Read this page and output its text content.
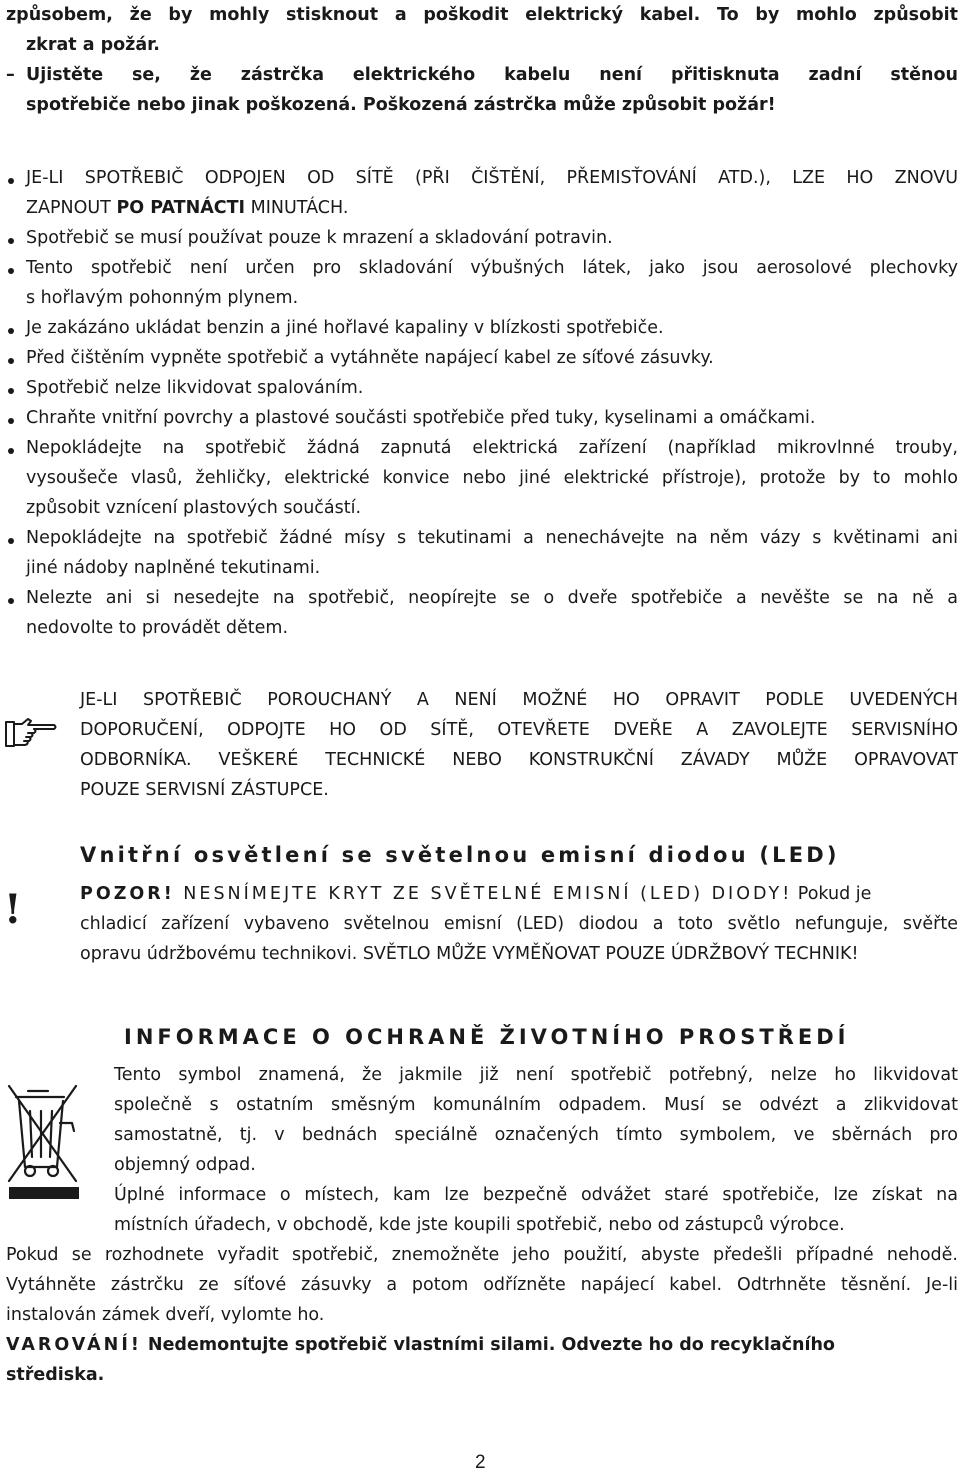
způsobem, že by mohly stisknout a poškodit elektrický kabel. To by mohlo způsobit
zkrat a požár.
– Ujistěte se, že zástrčka elektrického kabelu není přitisknuta zadní stěnou
spotřebiče nebo jinak poškozená. Poškozená zástrčka může způsobit požár!
JE-LI SPOTŘEBIČ ODPOJEN OD SÍTĚ (PŘI ČIŠTĚNÍ, PŘEMISŤOVÁNÍ ATD.), LZE HO ZNOVU
ZAPNOUT PO PATNÁCTI MINUTÁCH.
Spotřebič se musí používat pouze k mrazení a skladování potravin.
Tento spotřebič není určen pro skladování výbušných látek, jako jsou aerosolové plechovky
s hořlavým pohonným plynem.
Je zakázáno ukládat benzin a jiné hořlavé kapaliny v blízkosti spotřebiče.
Před čištěním vypněte spotřebič a vytáhněte napájecí kabel ze síťové zásuvky.
Spotřebič nelze likvidovat spalováním.
Chraňte vnitřní povrchy a plastové součásti spotřebiče před tuky, kyselinami a omáčkami.
Nepokládejte na spotřebič žádná zapnutá elektrická zařízení (například mikrovlnné trouby,
vysoušeče vlasů, žehličky, elektrické konvice nebo jiné elektrické přístroje), protože by to mohlo
způsobit vznícení plastových součástí.
Nepokládejte na spotřebič žádné mísy s tekutinami a nenechávejte na něm vázy s květinami ani
jiné nádoby naplněné tekutinami.
Nelezte ani si nesedejte na spotřebič, neopírejte se o dveře spotřebiče a nevěšte se na ně a
nedovolte to provádět dětem.
JE-LI SPOTŘEBIČ POROUCHANÝ A NENÍ MOŽNÉ HO OPRAVIT PODLE UVEDENÝCH
DOPORUČENÍ, ODPOJTE HO OD SÍTĚ, OTEVŘETE DVEŘE A ZAVOLEJTE SERVISNÍHO
ODBORNÍKA. VEŠKERÉ TECHNICKÉ NEBO KONSTRUKČNÍ ZÁVADY MŮŽE OPRAVOVAT
POUZE SERVISNÍ ZÁSTUPCE.
Vnitřní osvětlení se světelnou emisní diodou (LED)
!	POZOR! NESNÍMEJTE KRYT ZE SVĚTELNÉ EMISNÍ (LED) DIODY! Pokud je
chladicí zařízení vybaveno světelnou emisní (LED) diodou a toto světlo nefunguje, svěřte
opravu údržbovému technikovi. SVĚTLO MŮŽE VYMĚŇOVAT POUZE ÚDRŽBOVÝ TECHNIK!
INFORMACE O OCHRANĚ ŽIVOTNÍHO PROSTŘEDÍ
Tento symbol znamená, že jakmile již není spotřebič potřebný, nelze ho likvidovat
společně s ostatním směsným komunálním odpadem. Musí se odvézt a zlikvidovat
samostatně, tj. v bednách speciálně označených tímto symbolem, ve sběrnách pro
objemný odpad.
Úplné informace o místech, kam lze bezpečně odvážet staré spotřebiče, lze získat na
místních úřadech, v obchodě, kde jste koupili spotřebič, nebo od zástupců výrobce.
Pokud se rozhodnete vyřadit spotřebič, znemožněte jeho použití, abyste předešli případné nehodě.
Vytáhněte zástrčku ze síťové zásuvky a potom odřízněte napájecí kabel. Odtrhněte těsnění. Je-li
instalován zámek dveří, vylomte ho.
VAROVÁNÍ! Nedemontujte spotřebič vlastními silami. Odvezte ho do recyklačního
střediska.
2
